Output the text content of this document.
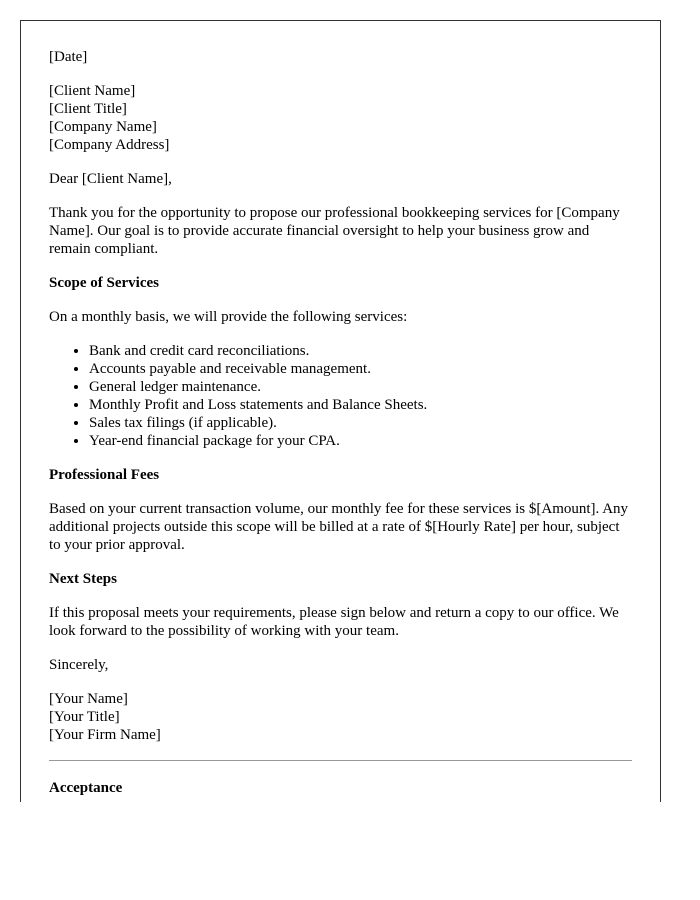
[Date]

[Client Name]
[Client Title]
[Company Name]
[Company Address]

Dear [Client Name],

Thank you for the opportunity to propose our professional bookkeeping services for [Company Name]. Our goal is to provide accurate financial oversight to help your business grow and remain compliant.

Scope of Services

On a monthly basis, we will provide the following services:

• Bank and credit card reconciliations.
• Accounts payable and receivable management.
• General ledger maintenance.
• Monthly Profit and Loss statements and Balance Sheets.
• Sales tax filings (if applicable).
• Year-end financial package for your CPA.
Professional Fees

Based on your current transaction volume, our monthly fee for these services is $[Amount]. Any additional projects outside this scope will be billed at a rate of $[Hourly Rate] per hour, subject to your prior approval.

Next Steps

If this proposal meets your requirements, please sign below and return a copy to our office. We look forward to the possibility of working with your team.

Sincerely,

[Your Name]
[Your Title]
[Your Firm Name]

Acceptance
